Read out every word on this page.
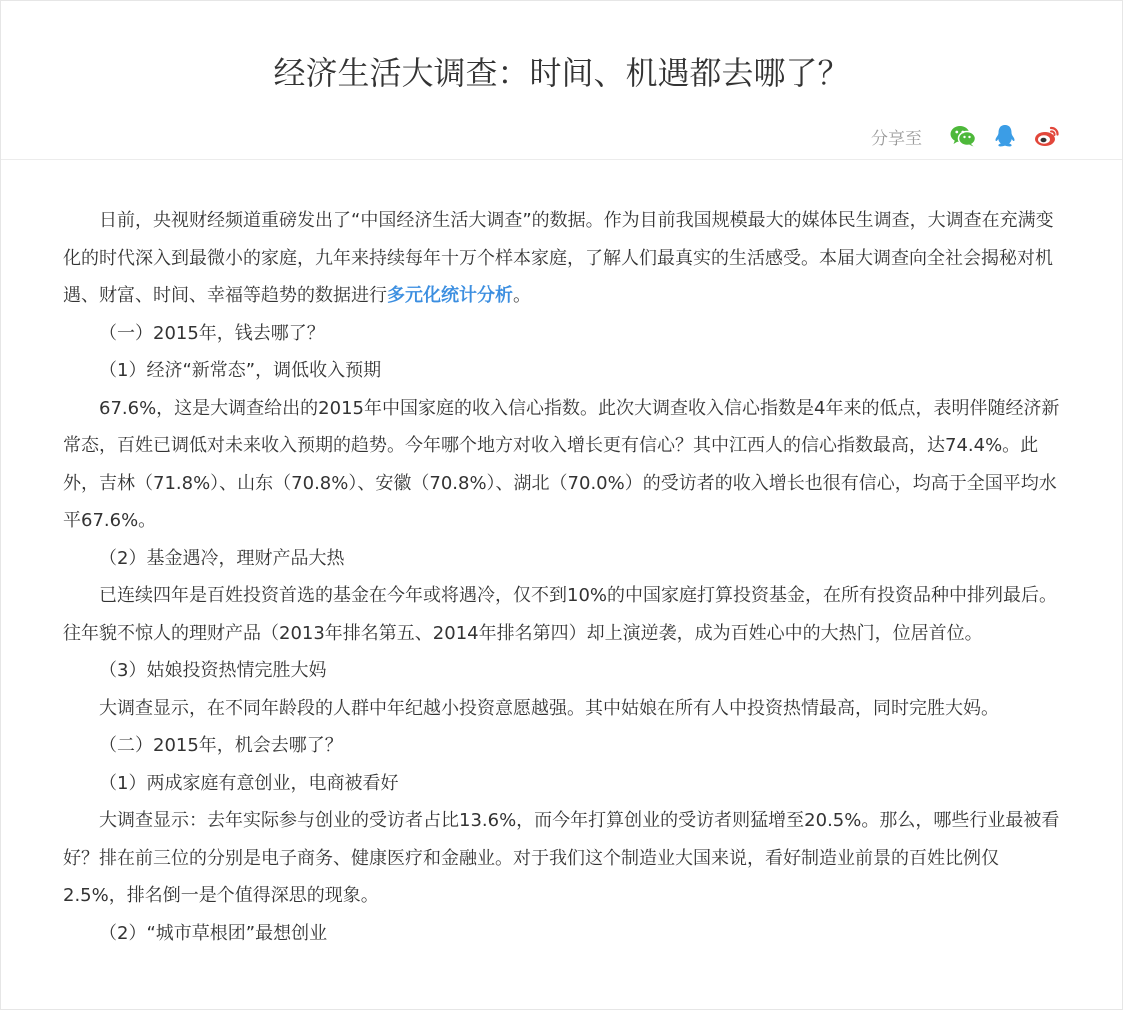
经济生活大调查：时间、机遇都去哪了？
分享至

日前，央视财经频道重磅发出了“中国经济生活大调查”的数据。作为目前我国规模最大的媒体民生调查，大调查在充满变化的时代深入到最微小的家庭，九年来持续每年十万个样本家庭，了解人们最真实的生活感受。本届大调查向全社会揭秘对机遇、财富、时间、幸福等趋势的数据进行多元化统计分析。

（一）2015年，钱去哪了？

（1）经济“新常态”，调低收入预期

67.6%，这是大调查给出的2015年中国家庭的收入信心指数。此次大调查收入信心指数是4年来的低点，表明伴随经济新常态，百姓已调低对未来收入预期的趋势。今年哪个地方对收入增长更有信心？其中江西人的信心指数最高，达74.4%。此外，吉林（71.8%）、山东（70.8%）、安徽（70.8%）、湖北（70.0%）的受访者的收入增长也很有信心，均高于全国平均水平67.6%。

（2）基金遇冷，理财产品大热

已连续四年是百姓投资首选的基金在今年或将遇冷，仅不到10%的中国家庭打算投资基金，在所有投资品种中排列最后。往年貌不惊人的理财产品（2013年排名第五、2014年排名第四）却上演逆袭，成为百姓心中的大热门，位居首位。

（3）姑娘投资热情完胜大妈

大调查显示，在不同年龄段的人群中年纪越小投资意愿越强。其中姑娘在所有人中投资热情最高，同时完胜大妈。

（二）2015年，机会去哪了？

（1）两成家庭有意创业，电商被看好

大调查显示：去年实际参与创业的受访者占比13.6%，而今年打算创业的受访者则猛增至20.5%。那么，哪些行业最被看好？排在前三位的分别是电子商务、健康医疗和金融业。对于我们这个制造业大国来说，看好制造业前景的百姓比例仅2.5%，排名倒一是个值得深思的现象。

（2）“城市草根团”最想创业
